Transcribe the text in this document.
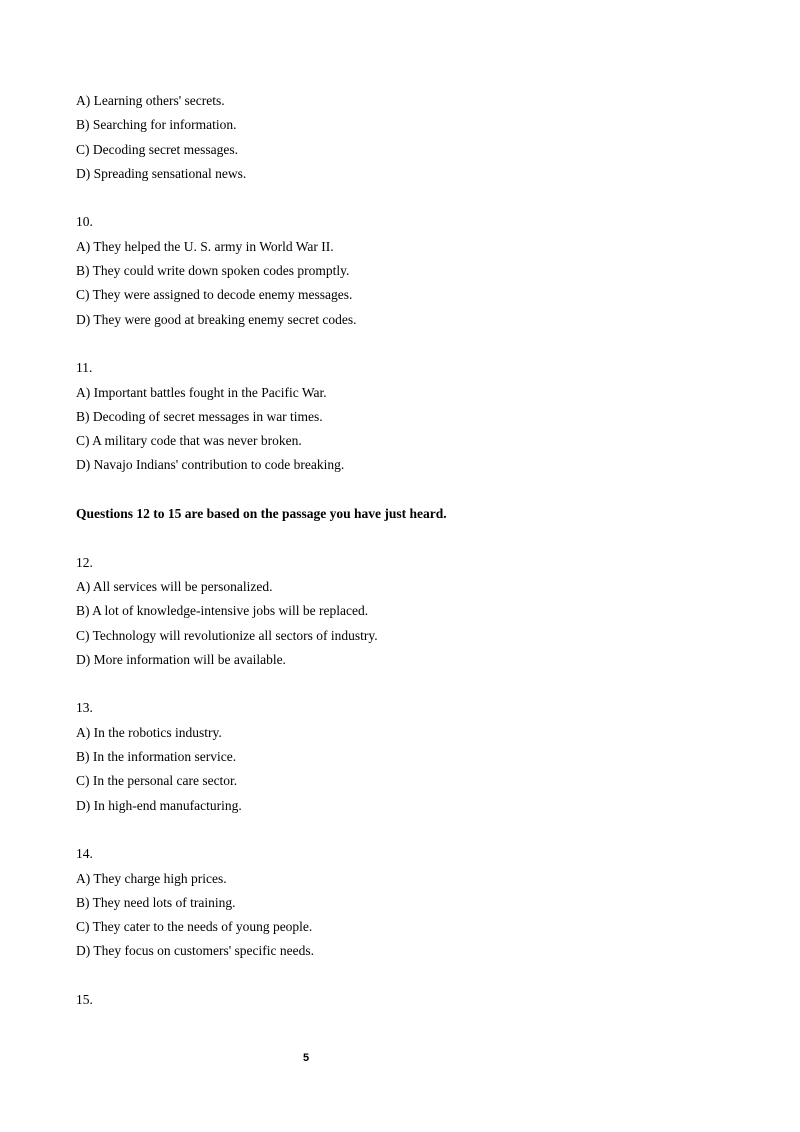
A) Learning others' secrets.
B) Searching for information.
C) Decoding secret messages.
D) Spreading sensational news.
10.
A) They helped the U. S. army in World War II.
B) They could write down spoken codes promptly.
C) They were assigned to decode enemy messages.
D) They were good at breaking enemy secret codes.
11.
A) Important battles fought in the Pacific War.
B) Decoding of secret messages in war times.
C) A military code that was never broken.
D) Navajo Indians' contribution to code breaking.
Questions 12 to 15 are based on the passage you have just heard.
12.
A) All services will be personalized.
B) A lot of knowledge-intensive jobs will be replaced.
C) Technology will revolutionize all sectors of industry.
D) More information will be available.
13.
A) In the robotics industry.
B) In the information service.
C) In the personal care sector.
D) In high-end manufacturing.
14.
A) They charge high prices.
B) They need lots of training.
C) They cater to the needs of young people.
D) They focus on customers' specific needs.
15.
5
